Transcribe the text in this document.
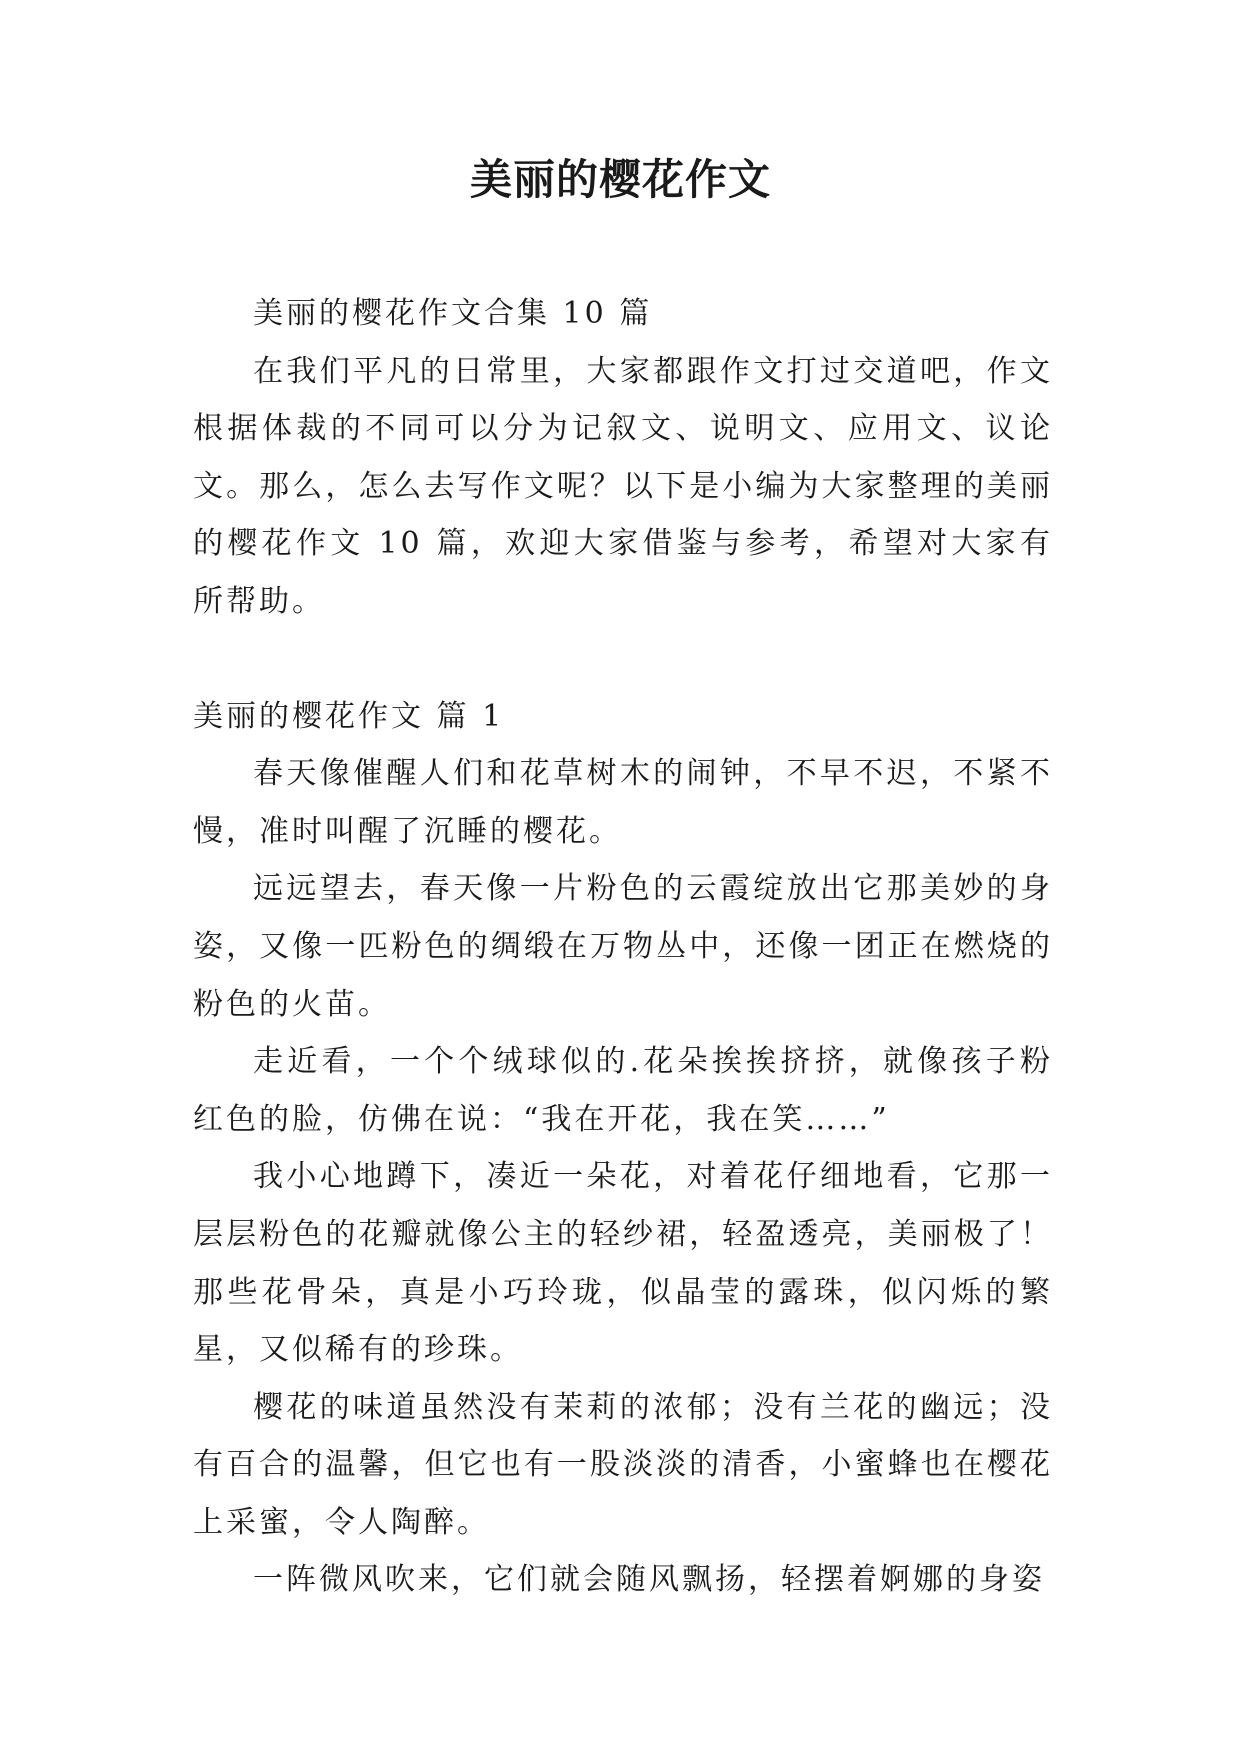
美丽的樱花作文

美丽的樱花作文合集 10 篇

在我们平凡的日常里，大家都跟作文打过交道吧，作文根据体裁的不同可以分为记叙文、说明文、应用文、议论文。那么，怎么去写作文呢？以下是小编为大家整理的美丽的樱花作文 10 篇，欢迎大家借鉴与参考，希望对大家有所帮助。

美丽的樱花作文 篇 1

春天像催醒人们和花草树木的闹钟，不早不迟，不紧不慢，准时叫醒了沉睡的樱花。

远远望去，春天像一片粉色的云霞绽放出它那美妙的身姿，又像一匹粉色的绸缎在万物丛中，还像一团正在燃烧的粉色的火苗。

走近看，一个个绒球似的.花朵挨挨挤挤，就像孩子粉红色的脸，仿佛在说：“我在开花，我在笑……”

我小心地蹲下，凑近一朵花，对着花仔细地看，它那一层层粉色的花瓣就像公主的轻纱裙，轻盈透亮，美丽极了！那些花骨朵，真是小巧玲珑，似晶莹的露珠，似闪烁的繁星，又似稀有的珍珠。

樱花的味道虽然没有茉莉的浓郁；没有兰花的幽远；没有百合的温馨，但它也有一股淡淡的清香，小蜜蜂也在樱花上采蜜，令人陶醉。

一阵微风吹来，它们就会随风飘扬，轻摆着婀娜的身姿
